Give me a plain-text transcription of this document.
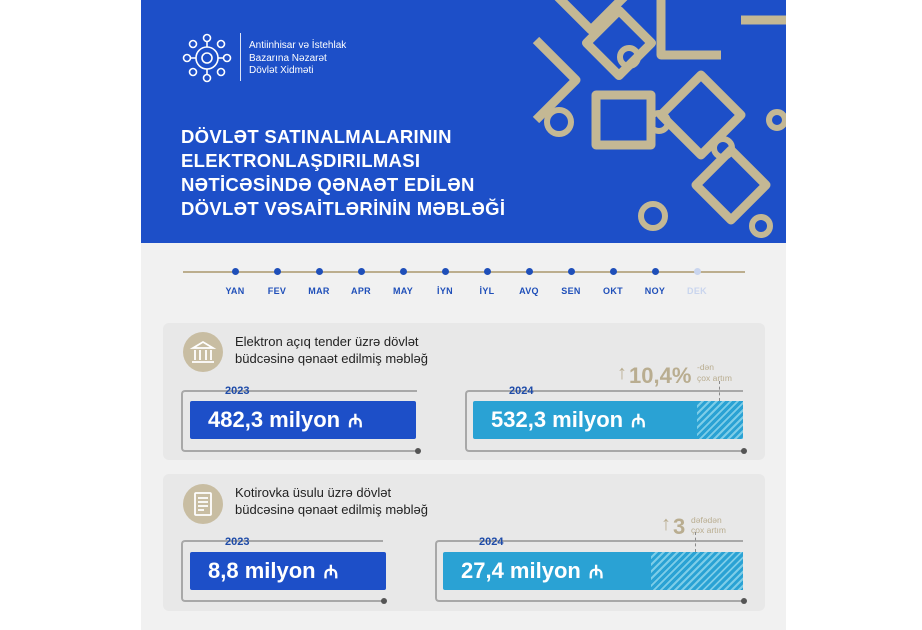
Antiinhisar və İstehlak
Bazarına Nəzarət
Dövlət Xidməti
DÖVLƏT SATINALMALARININ
ELEKTRONLAŞDIRILMASI
NƏTİCƏSİNDƏ QƏNAƏT EDİLƏN
DÖVLƏT VƏSAİTLƏRİNİN MƏBLƏĞİ
YAN	FEV	MAR	APR	MAY	İYN	İYL	AVQ	SEN	OKT	NOY	DEK
Elektron açıq tender üzrə dövlət
büdcəsinə qənaət edilmiş məbləğ
2023
482,3 milyon ₼
2024
532,3 milyon ₼
↑ 10,4% -dən
çox artım
Kotirovka üsulu üzrə dövlət
büdcəsinə qənaət edilmiş məbləğ
2023
8,8 milyon ₼
2024
27,4 milyon ₼
↑ 3 dəfədən
çox artım
